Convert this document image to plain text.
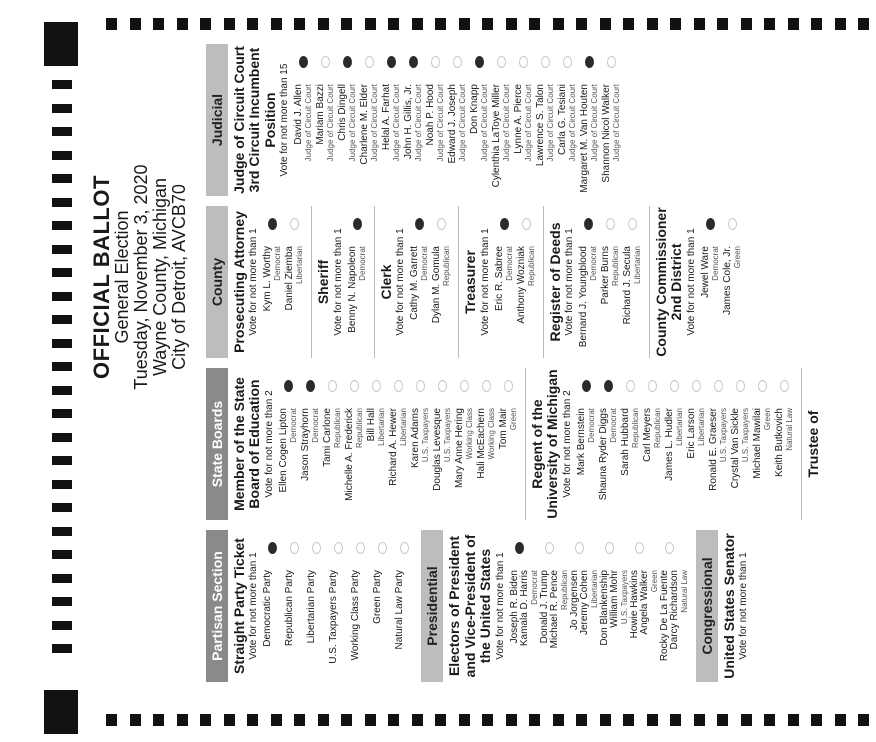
OFFICIAL BALLOT
General Election
Tuesday, November 3, 2020
Wayne County, Michigan
City of Detroit, AVCB70
Partisan Section Straight Party Ticket Vote for not more than 1 Democratic Party Republican Party Libertarian Party U.S. Taxpayers Party Working Class Party Green Party Natural Law Party Presidential Electors of President and Vice-President of the United States Vote for not more than 1 Joseph R. Biden Kamala D. Harris Democrat Donald J. Trump Michael R. Pence Republican Jo Jorgensen Jeremy Cohen Libertarian Don Blankenship William Mohr U.S. Taxpayers Howie Hawkins Angela Walker Green Rocky De La Fuente Darcy Richardson Natural Law Congressional United States Senator Vote for not more than 1
State Boards Member of the State Board of Education Vote for not more than 2 Ellen Cogen Lipton Democrat Jason Strayhorn Democrat Tami Carlone Republican Michelle A. Frederick Republican Bill Hall Libertarian Richard A. Hewer Libertarian Karen Adams U.S. Taxpayers Douglas Levesque U.S. Taxpayers Mary Anne Hering Working Class Hali McEachern Working Class Tom Mair Green Regent of the University of Michigan Vote for not more than 2 Mark Bernstein Democrat Shauna Ryder Diggs Democrat Sarah Hubbard Republican Carl Meyers Republican James L. Hudler Libertarian Eric Larson Libertarian Ronald E. Graeser U.S. Taxpayers Crystal Van Sickle U.S. Taxpayers Michael Mawilai Green Keith Butkovich Natural Law Trustee of
County Prosecuting Attorney Vote for not more than 1 Kym L. Worthy Democrat Daniel Ziemba Libertarian Sheriff Vote for not more than 1 Benny N. Napoleon Democrat
Clerk Vote for not more than 1 Cathy M. Garrett Democrat Dylan M. Gomula Republican Treasurer Vote for not more than 1 Eric R. Sabree Democrat Anthony Wozniak Republican Register of Deeds Vote for not more than 1 Bernard J. Youngblood Democrat Parker Burns Republican Richard J. Secula Libertarian County Commissioner 2nd District Vote for not more than 1 Jewel Ware Democrat James Cole, Jr. Green
Judicial Judge of Circuit Court 3rd Circuit Incumbent Position Vote for not more than 15 David J. Allen Judge of Circuit Court Mariam Bazzi Judge of Circuit Court Chris Dingell Judge of Circuit Court Charlene M. Elder Judge of Circuit Court Helal A. Farhat Judge of Circuit Court John H. Gillis, Jr. Judge of Circuit Court Noah P. Hood Judge of Circuit Court Edward J. Joseph Judge of Circuit Court Don Knapp Judge of Circuit Court Cylenthia LaToye Miller Judge of Circuit Court Lynne A. Pierce Judge of Circuit Court Lawrence S. Talon Judge of Circuit Court Carla G. Tesiani Judge of Circuit Court Margaret M. Van Houten Judge of Circuit Court Shannon Nicol Walker Judge of Circuit Court
